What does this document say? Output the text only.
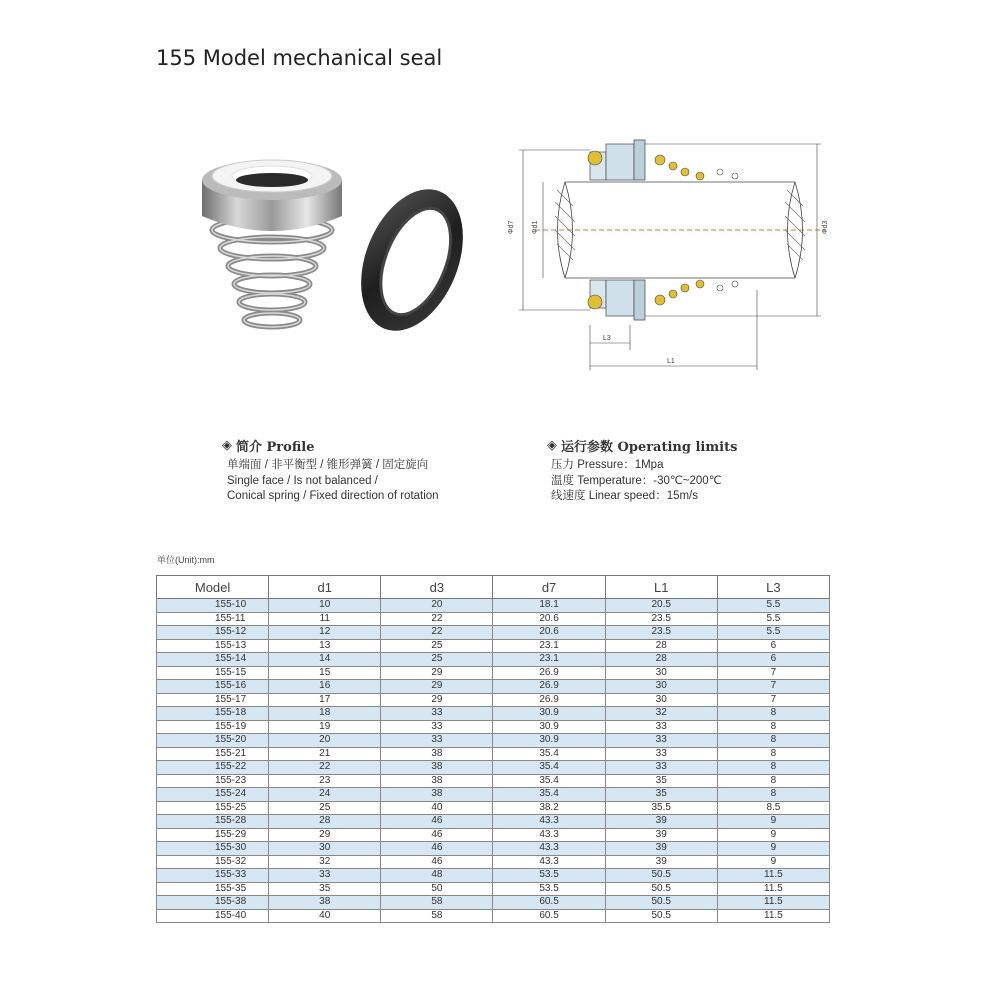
155 Model mechanical seal
Φd7 Φd1	Φd3
L3
L1
◈ 简介 Profile
单端面 / 非平衡型 / 锥形弹簧 / 固定旋向
Single face / Is not balanced /
Conical spring / Fixed direction of rotation
◈ 运行参数 Operating limits
压力 Pressure：1Mpa
温度 Temperature：-30℃~200℃
线速度 Linear speed：15m/s
单位(Unit):mm
Model	d1	d3	d7	L1	L3
155-10	10	20	18.1	20.5	5.5
155-11	11	22	20.6	23.5	5.5
155-12	12	22	20.6	23.5	5.5
155-13	13	25	23.1	28	6
155-14	14	25	23.1	28	6
155-15	15	29	26.9	30	7
155-16	16	29	26.9	30	7
155-17	17	29	26.9	30	7
155-18	18	33	30.9	32	8
155-19	19	33	30.9	33	8
155-20	20	33	30.9	33	8
155-21	21	38	35.4	33	8
155-22	22	38	35.4	33	8
155-23	23	38	35.4	35	8
155-24	24	38	35.4	35	8
155-25	25	40	38.2	35.5	8.5
155-28	28	46	43.3	39	9
155-29	29	46	43.3	39	9
155-30	30	46	43.3	39	9
155-32	32	46	43.3	39	9
155-33	33	48	53.5	50.5	11.5
155-35	35	50	53.5	50.5	11.5
155-38	38	58	60.5	50.5	11.5
155-40	40	58	60.5	50.5	11.5
